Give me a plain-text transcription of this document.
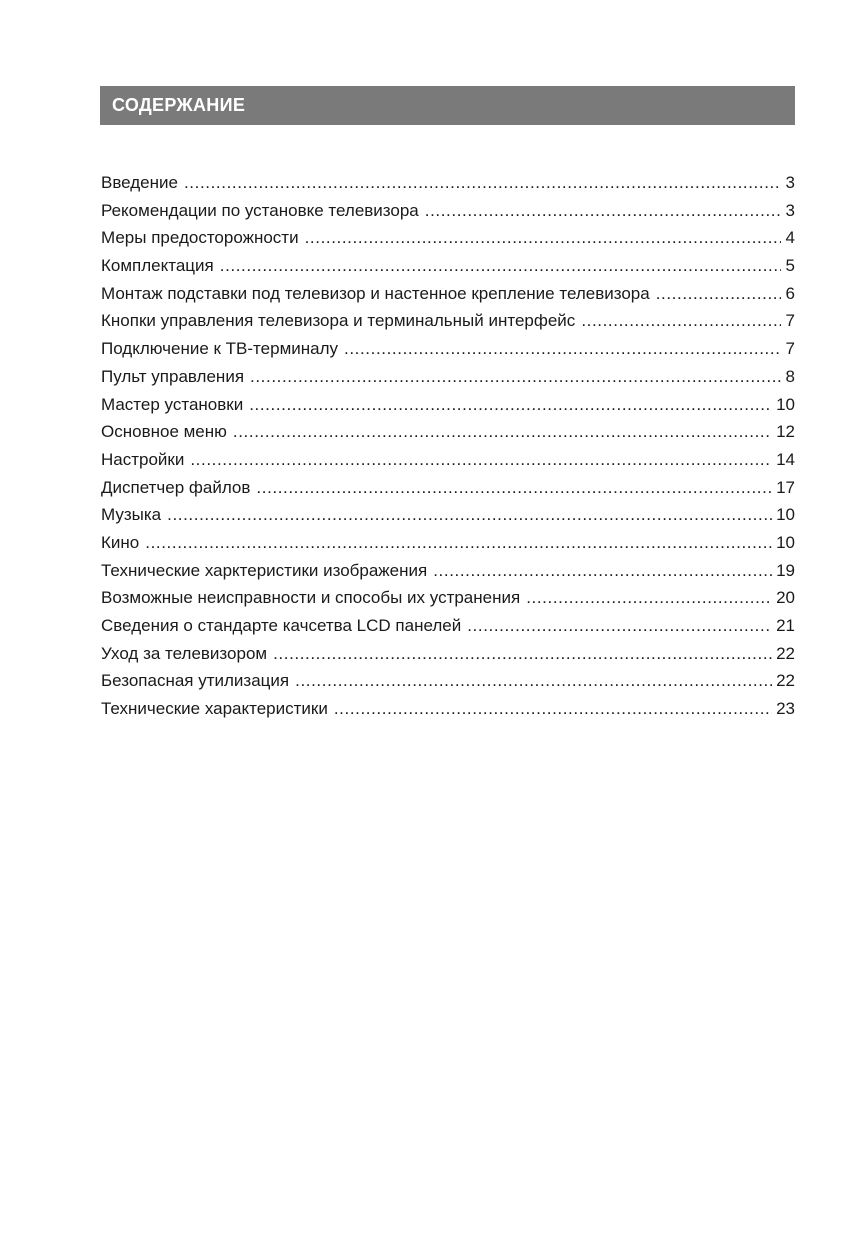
СОДЕРЖАНИЕ
Введение .....	3
Рекомендации по установке телевизора .....	3
Меры предосторожности .....	4
Комплектация .....	5
Монтаж подставки под телевизор и настенное крепление телевизора .....	6
Кнопки управления телевизора и терминальный интерфейс .....	7
Подключение к ТВ-терминалу .....	7
Пульт управления .....	8
Мастер установки .....	10
Основное меню .....	12
Настройки .....	14
Диспетчер файлов .....	17
Музыка .....	10
Кино .....	10
Технические харктеристики изображения .....	19
Возможные неисправности и способы их устранения .....	20
Сведения о стандарте качсетва LCD панелей .....	21
Уход за телевизором .....	22
Безопасная утилизация .....	22
Технические характеристики .....	23
